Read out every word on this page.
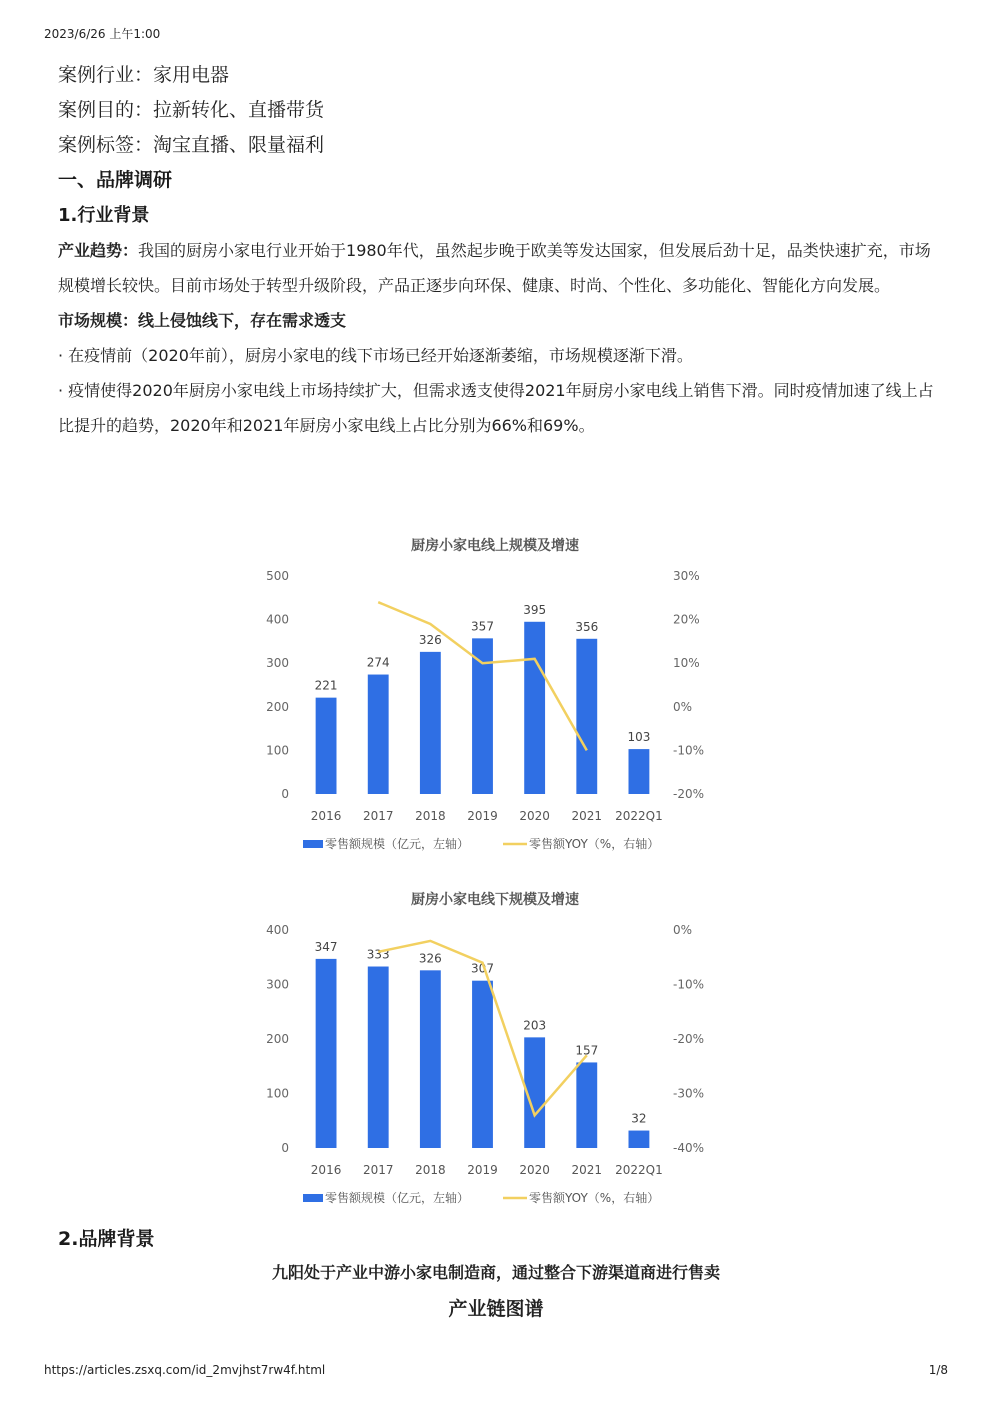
2023/6/26 上午1:00
案例行业：家用电器
案例目的：拉新转化、直播带货
案例标签：淘宝直播、限量福利
一、品牌调研
1.行业背景
产业趋势：我国的厨房小家电行业开始于1980年代，虽然起步晚于欧美等发达国家，但发展后劲十足，品类快速扩充，市场规模增长较快。目前市场处于转型升级阶段，产品正逐步向环保、健康、时尚、个性化、多功能化、智能化方向发展。
市场规模：线上侵蚀线下，存在需求透支
· 在疫情前（2020年前），厨房小家电的线下市场已经开始逐渐萎缩，市场规模逐渐下滑。
· 疫情使得2020年厨房小家电线上市场持续扩大，但需求透支使得2021年厨房小家电线上销售下滑。同时疫情加速了线上占比提升的趋势，2020年和2021年厨房小家电线上占比分别为66%和69%。
厨房小家电线上规模及增速
0
100
200
300
400
500
-20%
-10%
0%
10%
20%
30%
221
274
326
357
395
356
103
2016 2017 2018 2019 2020 2021 2022Q1
零售额规模（亿元，左轴）	零售额YOY（%，右轴）
厨房小家电线下规模及增速
0
100
200
300
400
-40%
-30%
-20%
-10%
0%
347
333 326
307
203
157
32
2016 2017 2018 2019 2020 2021 2022Q1
零售额规模（亿元，左轴）	零售额YOY（%，右轴）
2.品牌背景
九阳处于产业中游小家电制造商，通过整合下游渠道商进行售卖
产业链图谱
https://articles.zsxq.com/id_2mvjhst7rw4f.html	1/8
